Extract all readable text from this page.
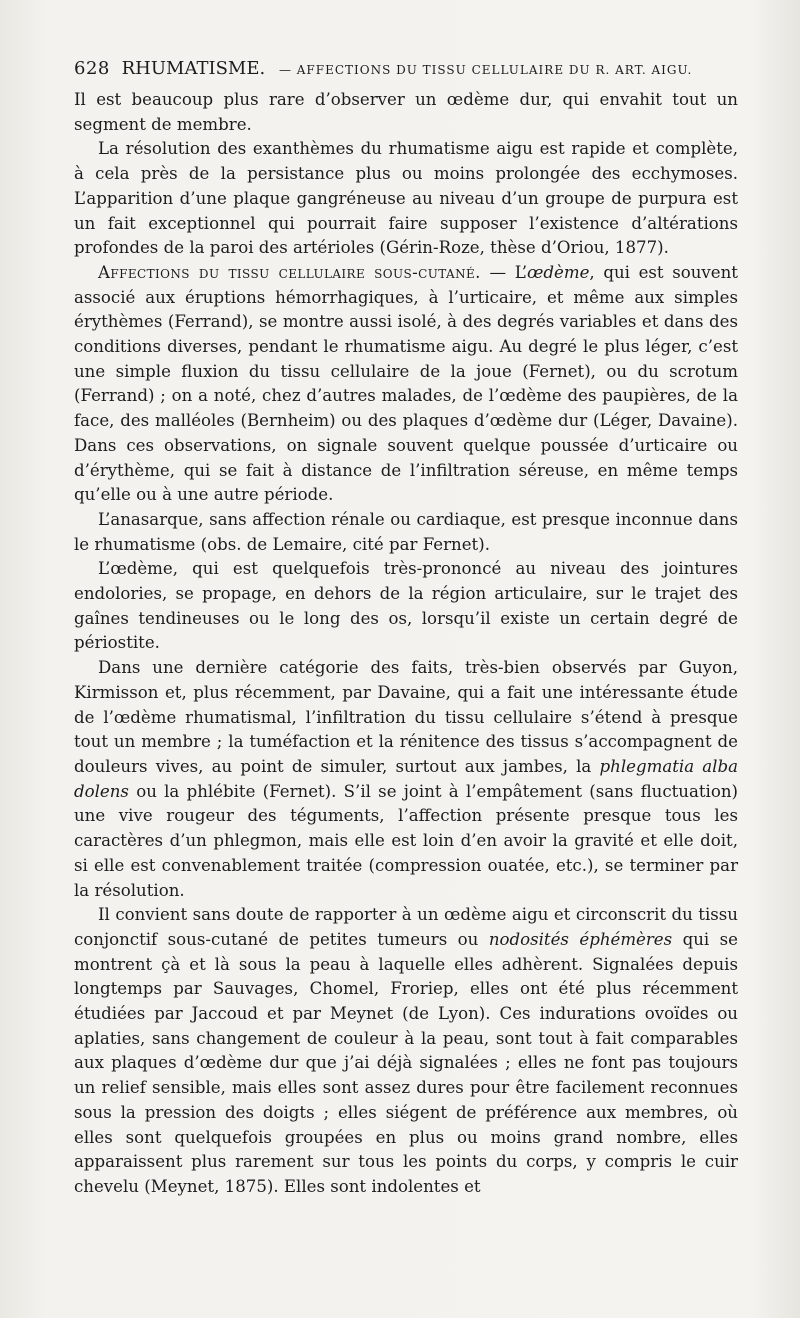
628 RHUMATISME. — AFFECTIONS DU TISSU CELLULAIRE DU R. ART. AIGU.

Il est beaucoup plus rare d’observer un œdème dur, qui envahit tout un segment de membre.

La résolution des exanthèmes du rhumatisme aigu est rapide et complète, à cela près de la persistance plus ou moins prolongée des ecchymoses. L’apparition d’une plaque gangréneuse au niveau d’un groupe de purpura est un fait exceptionnel qui pourrait faire supposer l’existence d’altérations profondes de la paroi des artérioles (Gérin-Roze, thèse d’Oriou, 1877).

Affections du tissu cellulaire sous-cutané. — L’œdème, qui est souvent associé aux éruptions hémorrhagiques, à l’urticaire, et même aux simples érythèmes (Ferrand), se montre aussi isolé, à des degrés variables et dans des conditions diverses, pendant le rhumatisme aigu. Au degré le plus léger, c’est une simple fluxion du tissu cellulaire de la joue (Fernet), ou du scrotum (Ferrand) ; on a noté, chez d’autres malades, de l’œdème des paupières, de la face, des malléoles (Bernheim) ou des plaques d’œdème dur (Léger, Davaine). Dans ces observations, on signale souvent quelque poussée d’urticaire ou d’érythème, qui se fait à distance de l’infiltration séreuse, en même temps qu’elle ou à une autre période.

L’anasarque, sans affection rénale ou cardiaque, est presque inconnue dans le rhumatisme (obs. de Lemaire, cité par Fernet).

L’œdème, qui est quelquefois très-prononcé au niveau des jointures endolories, se propage, en dehors de la région articulaire, sur le trajet des gaînes tendineuses ou le long des os, lorsqu’il existe un certain degré de périostite.

Dans une dernière catégorie des faits, très-bien observés par Guyon, Kirmisson et, plus récemment, par Davaine, qui a fait une intéressante étude de l’œdème rhumatismal, l’infiltration du tissu cellulaire s’étend à presque tout un membre ; la tuméfaction et la rénitence des tissus s’accompagnent de douleurs vives, au point de simuler, surtout aux jambes, la phlegmatia alba dolens ou la phlébite (Fernet). S’il se joint à l’empâtement (sans fluctuation) une vive rougeur des téguments, l’affection présente presque tous les caractères d’un phlegmon, mais elle est loin d’en avoir la gravité et elle doit, si elle est convenablement traitée (compression ouatée, etc.), se terminer par la résolution.

Il convient sans doute de rapporter à un œdème aigu et circonscrit du tissu conjonctif sous-cutané de petites tumeurs ou nodosités éphémères qui se montrent çà et là sous la peau à laquelle elles adhèrent. Signalées depuis longtemps par Sauvages, Chomel, Froriep, elles ont été plus récemment étudiées par Jaccoud et par Meynet (de Lyon). Ces indurations ovoïdes ou aplaties, sans changement de couleur à la peau, sont tout à fait comparables aux plaques d’œdème dur que j’ai déjà signalées ; elles ne font pas toujours un relief sensible, mais elles sont assez dures pour être facilement reconnues sous la pression des doigts ; elles siégent de préférence aux membres, où elles sont quelquefois groupées en plus ou moins grand nombre, elles apparaissent plus rarement sur tous les points du corps, y compris le cuir chevelu (Meynet, 1875). Elles sont indolentes et
